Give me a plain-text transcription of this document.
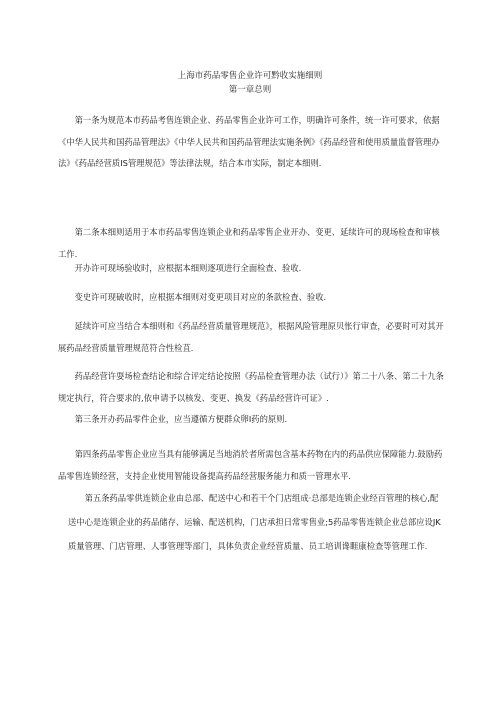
上海市药品零售企业许可黔收实施细则
第一章总则

第一条为规范本市药品考售连锁企业、药品零售企业许可工作，明确许可条件，统一许可要求，依据《中华人民共和国药品管理法》《中华人民共和国药品管理法实施条例》《药品经营和使用质量监督管理办法》《药品经营质IS管理规范》等法律法规，结合本市实际，制定本细则.

第二条本细则适用于本市药品零售连锁企业和药品零售企业开办、变更、延续许可的现场检查和审核工作.

开办许可现场验收时，应根据本细则逐项进行全面检查、验收.

变史许可现破收时，应根据本细则对变更项目对应的条款检査、验收.

延续许可应当结合本细则和《药品经营质量管理规范》，根据风险管理原贝怅行审查，必要时可对其开展药品经营质量管理规范符合性检苴.

药品经营许耍场检查结论和综合评定结论按照《药品检査管理办法（试行）》第二十八条、第二十九条规定执行，符合要求的,依申请予以核发、变更、换发《药品经营许可证》.

第三条开办药品零件企业，应当遵循方便群众卵I药的原则.

第四条药品零售企业应当具有能够满足当地消於者所需包含基本药物在内的药品供应保障能力.鼓励药品零售连锁经营，支持企业使用智能设备提高药品经营服务能力和质一管理水平.

第五条药品零供连锁企业由总部、配送中心和若干个门店组成·总部是连锁企业经百管理的核心,配送中心是连锁企业的药品储存、运输、配送机构，门店承担日常零售业;5药品零售连锁企业总部应设JK质量管理、门店管理、人事管理等部门，具体负责企业经营质量、员工培训谗睚康检查等管理工作.
